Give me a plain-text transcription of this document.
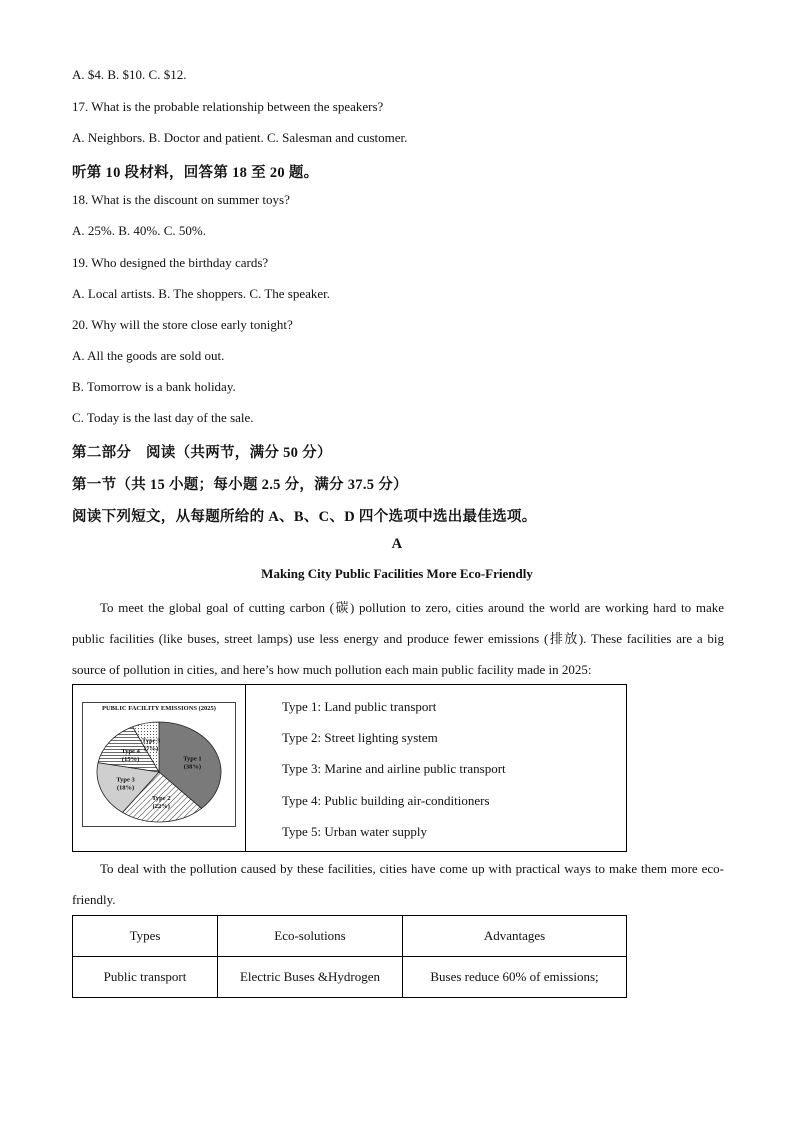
A. $4. B. $10. C. $12.
17. What is the probable relationship between the speakers?
A. Neighbors. B. Doctor and patient. C. Salesman and customer.
听第 10 段材料，回答第 18 至 20 题。
18. What is the discount on summer toys?
A. 25%. B. 40%. C. 50%.
19. Who designed the birthday cards?
A. Local artists. B. The shoppers. C. The speaker.
20. Why will the store close early tonight?
A. All the goods are sold out.
B. Tomorrow is a bank holiday.
C. Today is the last day of the sale.
第二部分　阅读（共两节，满分 50 分）
第一节（共 15 小题；每小题 2.5 分，满分 37.5 分）
阅读下列短文，从每题所给的 A、B、C、D 四个选项中选出最佳选项。
A
Making City Public Facilities More Eco-Friendly
To meet the global goal of cutting carbon (碳) pollution to zero, cities around the world are working hard to make public facilities (like buses, street lamps) use less energy and produce fewer emissions (排放). These facilities are a big source of pollution in cities, and here’s how much pollution each main public facility made in 2025:
PUBLIC FACILITY EMISSIONS (2025)
Type 1
(38%)
Type 2
(22%)
Type 3
(18%)
Type 4
(15%)
Type 5
(7%)
Type 1: Land public transport
Type 2: Street lighting system
Type 3: Marine and airline public transport
Type 4: Public building air-conditioners
Type 5: Urban water supply
To deal with the pollution caused by these facilities, cities have come up with practical ways to make them more eco-friendly.
Types	Eco-solutions	Advantages
Public transport	Electric Buses &Hydrogen	Buses reduce 60% of emissions;
